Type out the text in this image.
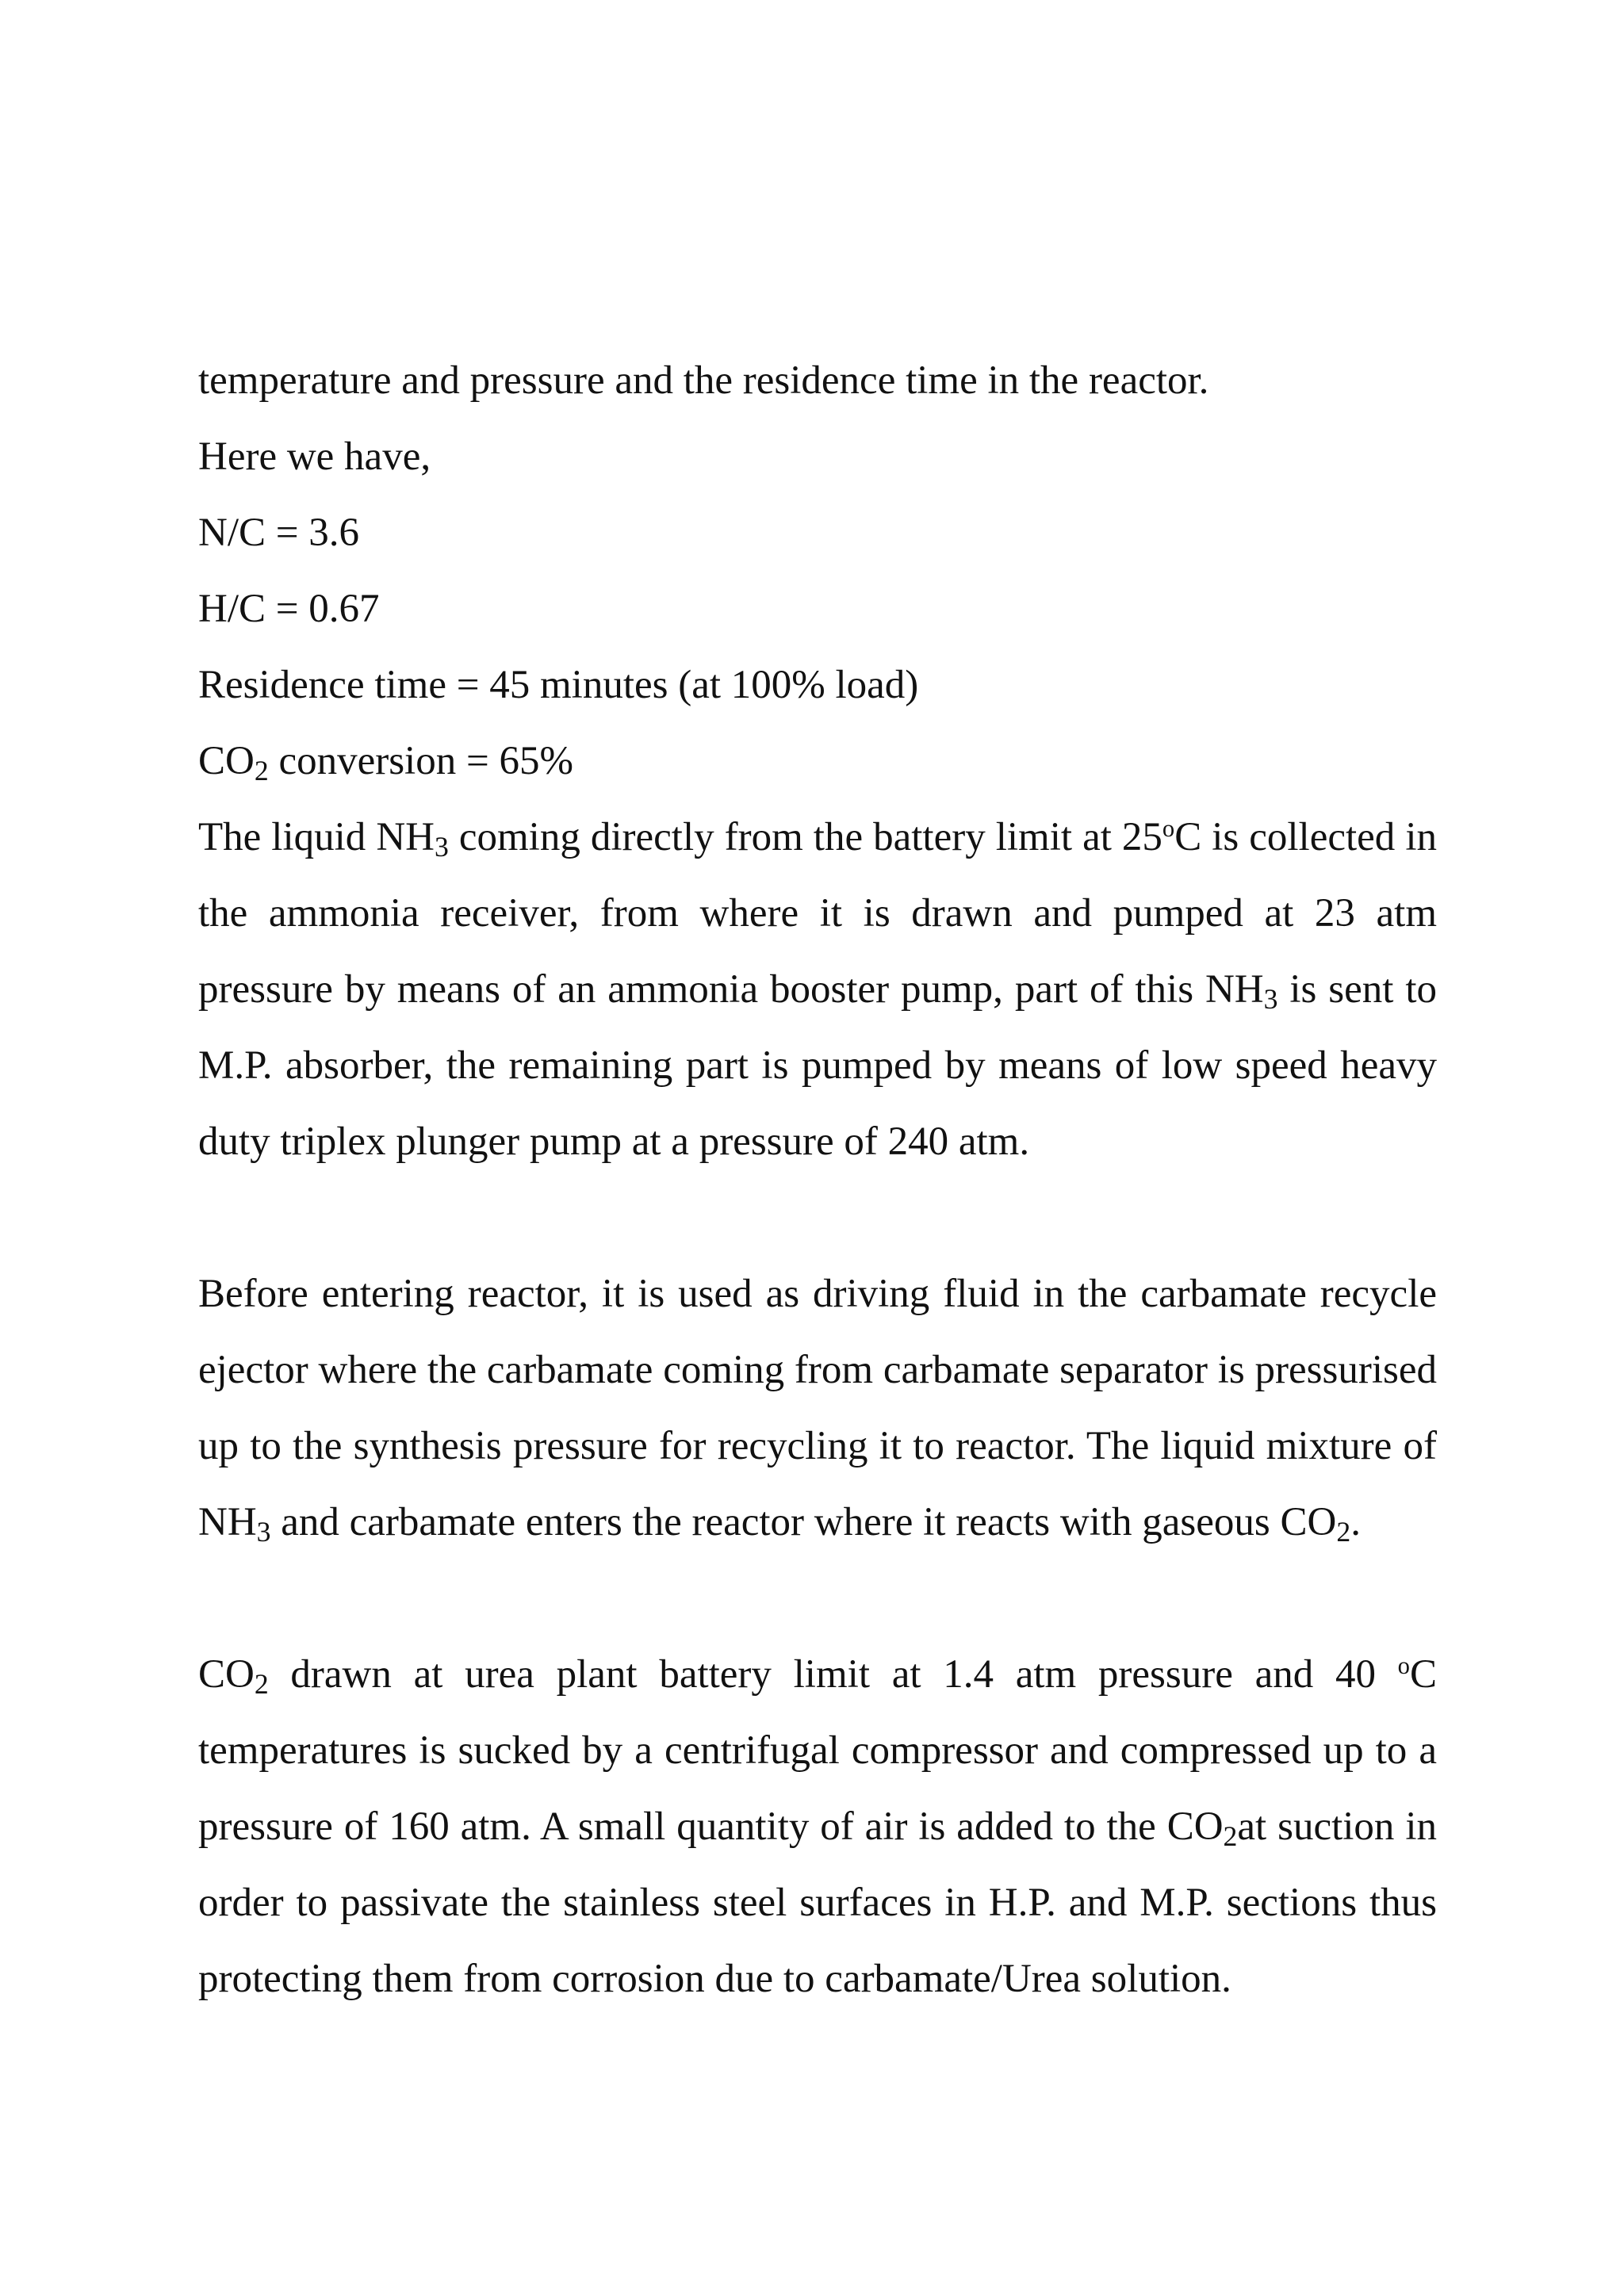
temperature and pressure and the residence time in the reactor.
Here we have,
N/C = 3.6
H/C = 0.67
Residence time = 45 minutes (at 100% load)
$CO_2$ conversion = 65%

The liquid $NH_3$ coming directly from the battery limit at 25$^o$C is collected in the ammonia receiver, from where it is drawn and pumped at 23 atm pressure by means of an ammonia booster pump, part of this $NH_3$ is sent to M.P. absorber, the remaining part is pumped by means of low speed heavy duty triplex plunger pump at a pressure of 240 atm.

Before entering reactor, it is used as driving fluid in the carbamate recycle ejector where the carbamate coming from carbamate separator is pressurised up to the synthesis pressure for recycling it to reactor. The liquid mixture of $NH_3$ and carbamate enters the reactor where it reacts with gaseous $CO_2$.

$CO_2$ drawn at urea plant battery limit at 1.4 atm pressure and 40 $^o$C temperatures is sucked by a centrifugal compressor and compressed up to a pressure of 160 atm. A small quantity of air is added to the $CO_2at$ suction in order to passivate the stainless steel surfaces in H.P. and M.P. sections thus protecting them from corrosion due to carbamate/Urea solution.
